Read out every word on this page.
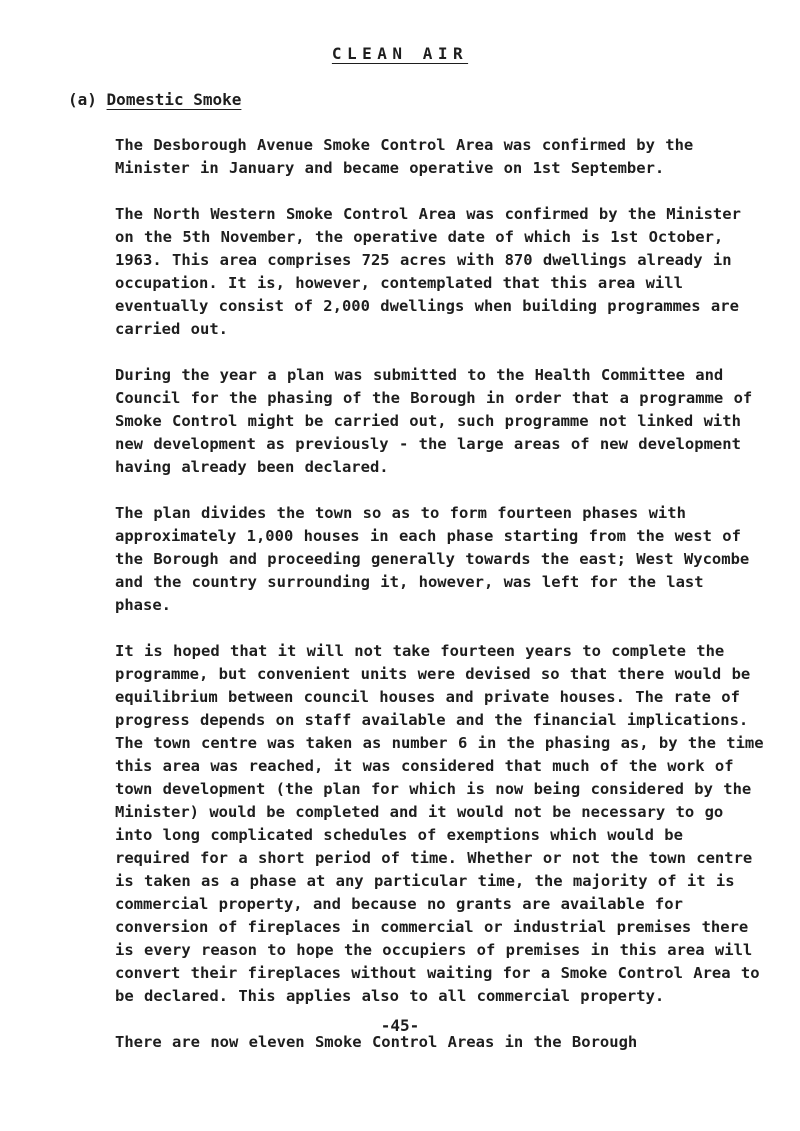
CLEAN AIR
(a) Domestic Smoke

The Desborough Avenue Smoke Control Area was confirmed by the Minister in January and became operative on 1st September.

The North Western Smoke Control Area was confirmed by the Minister on the 5th November, the operative date of which is 1st October, 1963. This area comprises 725 acres with 870 dwellings already in occupation. It is, however, contemplated that this area will eventually consist of 2,000 dwellings when building programmes are carried out.

During the year a plan was submitted to the Health Committee and Council for the phasing of the Borough in order that a programme of Smoke Control might be carried out, such programme not linked with new development as previously - the large areas of new development having already been declared.

The plan divides the town so as to form fourteen phases with approximately 1,000 houses in each phase starting from the west of the Borough and proceeding generally towards the east; West Wycombe and the country surrounding it, however, was left for the last phase.

It is hoped that it will not take fourteen years to complete the programme, but convenient units were devised so that there would be equilibrium between council houses and private houses. The rate of progress depends on staff available and the financial implications. The town centre was taken as number 6 in the phasing as, by the time this area was reached, it was considered that much of the work of town development (the plan for which is now being considered by the Minister) would be completed and it would not be necessary to go into long complicated schedules of exemptions which would be required for a short period of time. Whether or not the town centre is taken as a phase at any particular time, the majority of it is commercial property, and because no grants are available for conversion of fireplaces in commercial or industrial premises there is every reason to hope the occupiers of premises in this area will convert their fireplaces without waiting for a Smoke Control Area to be declared. This applies also to all commercial property.

There are now eleven Smoke Control Areas in the Borough

-45-
